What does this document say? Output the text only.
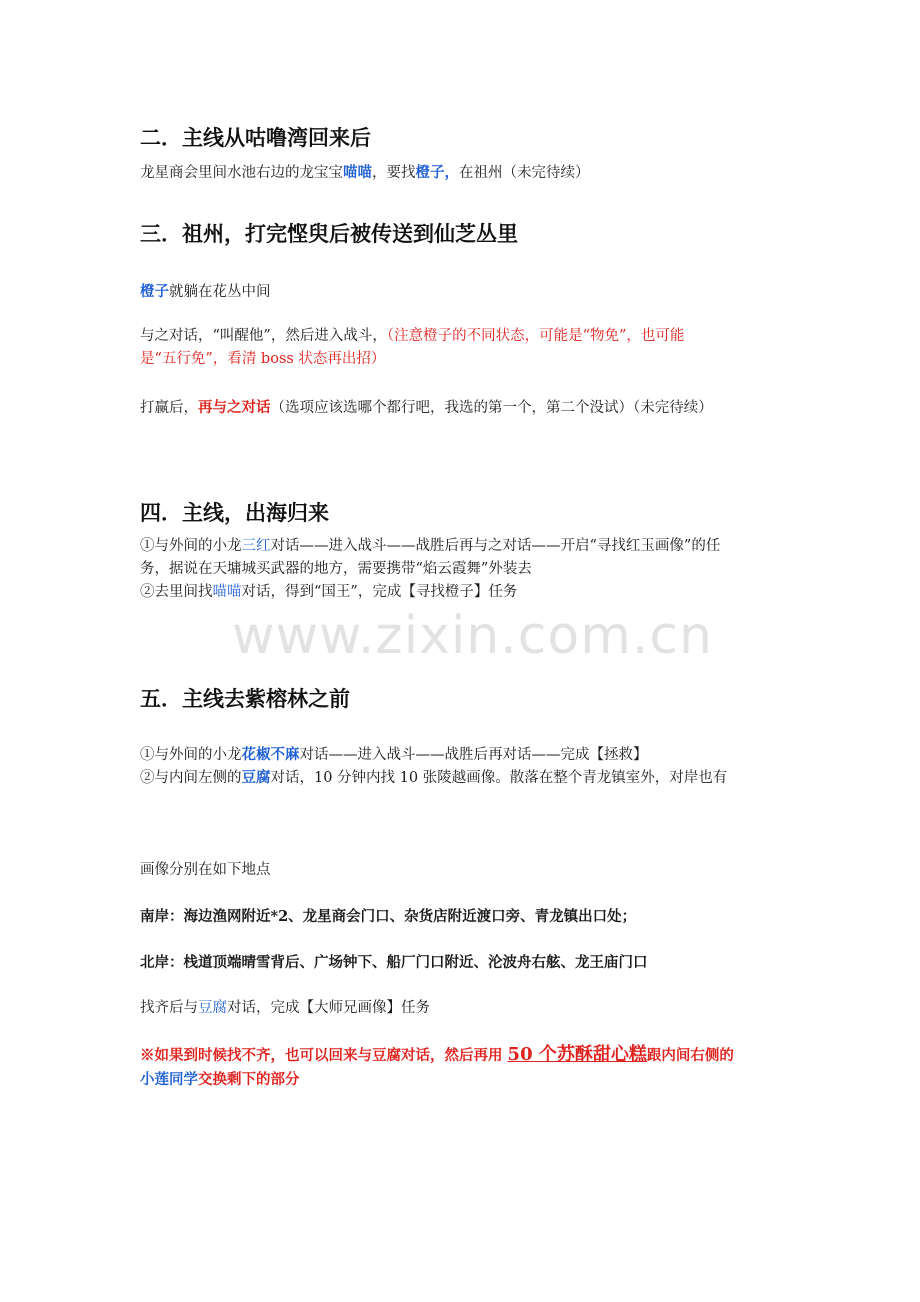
二．主线从咕噜湾回来后
龙星商会里间水池右边的龙宝宝喵喵，要找橙子，在祖州（未完待续）
三．祖州，打完悭臾后被传送到仙芝丛里
橙子就躺在花丛中间
与之对话，“叫醒他”，然后进入战斗，（注意橙子的不同状态，可能是“物免”，也可能
是“五行免”，看清 boss 状态再出招）
打赢后，再与之对话（选项应该选哪个都行吧，我选的第一个，第二个没试）（未完待续）
四．主线，出海归来
①与外间的小龙三红对话——进入战斗——战胜后再与之对话——开启“寻找红玉画像”的任
务，据说在天墉城买武器的地方，需要携带“焰云霞舞”外装去
②去里间找喵喵对话，得到“国王”，完成【寻找橙子】任务
www.zixin.com.cn
五．主线去紫榕林之前
①与外间的小龙花椒不麻对话——进入战斗——战胜后再对话——完成【拯救】
②与内间左侧的豆腐对话，10 分钟内找 10 张陵越画像。散落在整个青龙镇室外，对岸也有
画像分别在如下地点
南岸：海边渔网附近*2、龙星商会门口、杂货店附近渡口旁、青龙镇出口处；
北岸：栈道顶端晴雪背后、广场钟下、船厂门口附近、沦波舟右舷、龙王庙门口
找齐后与豆腐对话，完成【大师兄画像】任务
※如果到时候找不齐，也可以回来与豆腐对话，然后再用 50 个苏酥甜心糕跟内间右侧的
小莲同学交换剩下的部分
